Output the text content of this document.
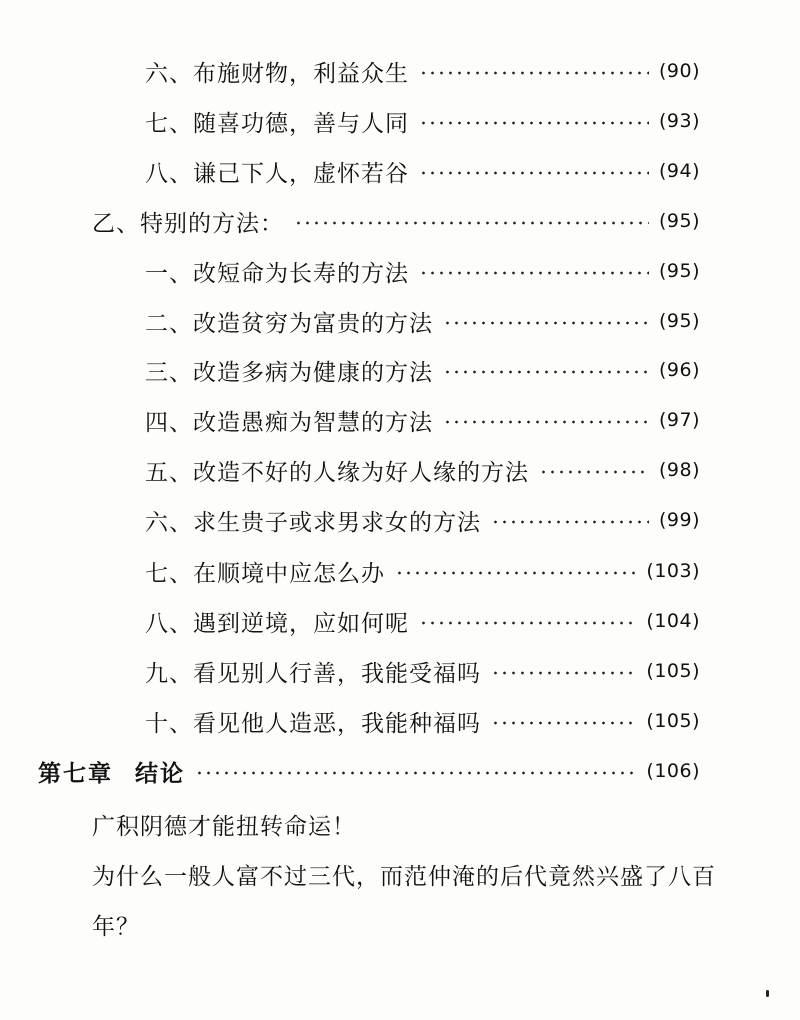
六、布施财物，利益众生	(90)
七、随喜功德，善与人同	(93)
八、谦己下人，虚怀若谷	(94)
乙、特别的方法：	(95)
一、改短命为长寿的方法	(95)
二、改造贫穷为富贵的方法	(95)
三、改造多病为健康的方法	(96)
四、改造愚痴为智慧的方法	(97)
五、改造不好的人缘为好人缘的方法	(98)
六、求生贵子或求男求女的方法	(99)
七、在顺境中应怎么办	(103)
八、遇到逆境，应如何呢	(104)
九、看见别人行善，我能受福吗	(105)
十、看见他人造恶，我能种福吗	(105)
第七章 结论	(106)
广积阴德才能扭转命运！
为什么一般人富不过三代，而范仲淹的后代竟然兴盛了八百年？
